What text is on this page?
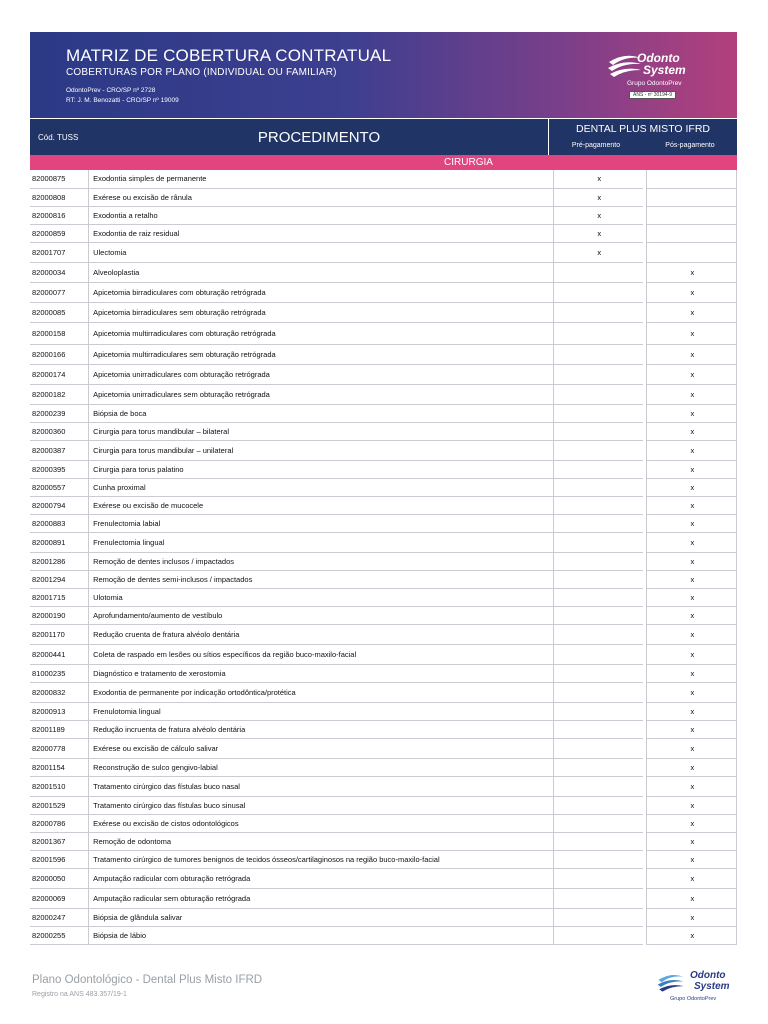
MATRIZ DE COBERTURA CONTRATUAL
COBERTURAS POR PLANO (INDIVIDUAL OU FAMILIAR)
OdontoPrev - CRO/SP nº 2728
RT: J. M. Benozatti - CRO/SP nº 19009
Odonto
System
Grupo OdontoPrev
ANS - nº 30194-9
Cód. TUSS	PROCEDIMENTO	DENTAL PLUS MISTO IFRD
Pré-pagamento	Pós-pagamento
CIRURGIA
82000875	Exodontia simples de permanente	x		
82000808	Exérese ou excisão de rânula	x		
82000816	Exodontia a retalho	x		
82000859	Exodontia de raiz residual	x		
82001707	Ulectomia	x		
82000034	Alveoloplastia			x
82000077	Apicetomia birradiculares com obturação retrógrada			x
82000085	Apicetomia birradiculares sem obturação retrógrada			x
82000158	Apicetomia multirradiculares com obturação retrógrada			x
82000166	Apicetomia multirradiculares sem obturação retrógrada			x
82000174	Apicetomia unirradiculares com obturação retrógrada			x
82000182	Apicetomia unirradiculares sem obturação retrógrada			x
82000239	Biópsia de boca			x
82000360	Cirurgia para torus mandibular – bilateral			x
82000387	Cirurgia para torus mandibular – unilateral			x
82000395	Cirurgia para torus palatino			x
82000557	Cunha proximal			x
82000794	Exérese ou excisão de mucocele			x
82000883	Frenulectomia labial			x
82000891	Frenulectomia lingual			x
82001286	Remoção de dentes inclusos / impactados			x
82001294	Remoção de dentes semi-inclusos / impactados			x
82001715	Ulotomia			x
82000190	Aprofundamento/aumento de vestíbulo			x
82001170	Redução cruenta de fratura alvéolo dentária			x
82000441	Coleta de raspado em lesões ou sítios específicos da região buco-maxilo-facial			x
81000235	Diagnóstico e tratamento de xerostomia			x
82000832	Exodontia de permanente por indicação ortodôntica/protética			x
82000913	Frenulotomia lingual			x
82001189	Redução incruenta de fratura alvéolo dentária			x
82000778	Exérese ou excisão de cálculo salivar			x
82001154	Reconstrução de sulco gengivo-labial			x
82001510	Tratamento cirúrgico das fístulas buco nasal			x
82001529	Tratamento cirúrgico das fístulas buco sinusal			x
82000786	Exérese ou excisão de cistos odontológicos			x
82001367	Remoção de odontoma			x
82001596	Tratamento cirúrgico de tumores benignos de tecidos ósseos/cartilaginosos na região buco-maxilo-facial			x
82000050	Amputação radicular com obturação retrógrada			x
82000069	Amputação radicular sem obturação retrógrada			x
82000247	Biópsia de glândula salivar			x
82000255	Biópsia de lábio			x
Plano Odontológico - Dental Plus Misto IFRD
Registro na ANS 483.357/19-1
Odonto
System
Grupo OdontoPrev
